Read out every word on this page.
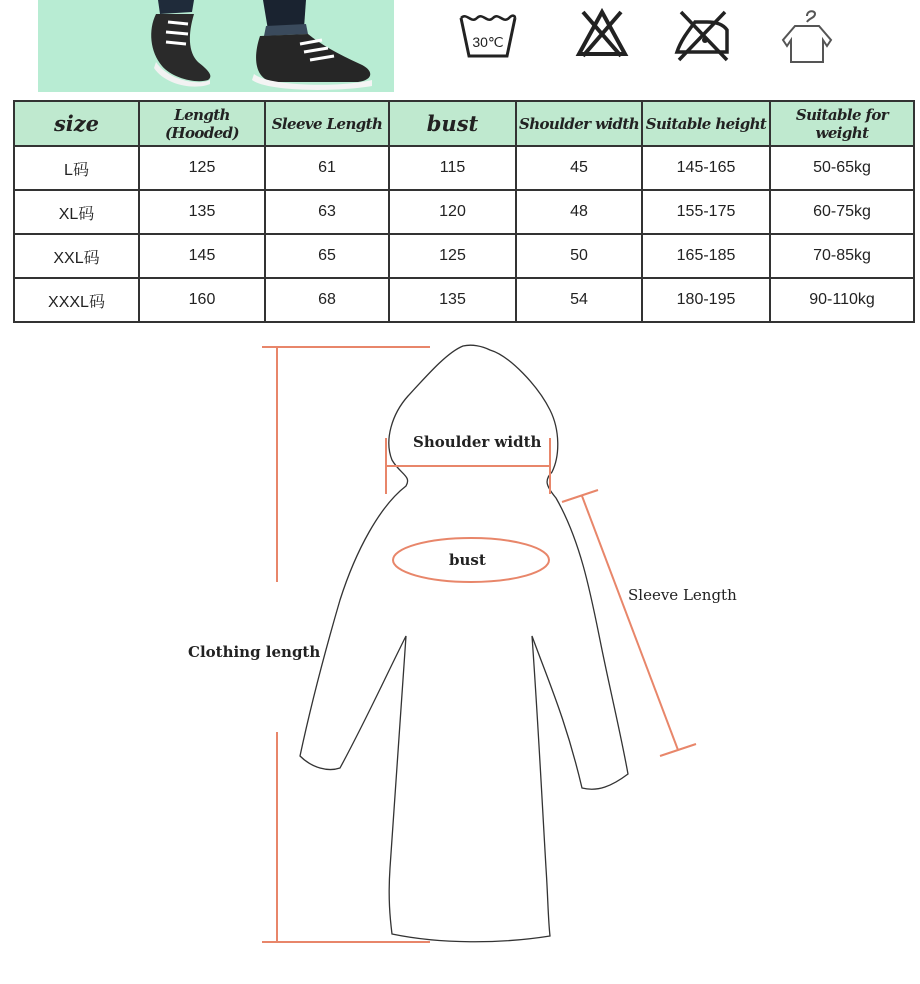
30℃
size	Length (Hooded)	Sleeve Length	bust	Shoulder width	Suitable height	Suitable for weight
L码	125	61	115	45	145-165	50-65kg
XL码	135	63	120	48	155-175	60-75kg
XXL码	145	65	125	50	165-185	70-85kg
XXXL码	160	68	135	54	180-195	90-110kg
Clothing length
Shoulder width
bust
Sleeve Length
